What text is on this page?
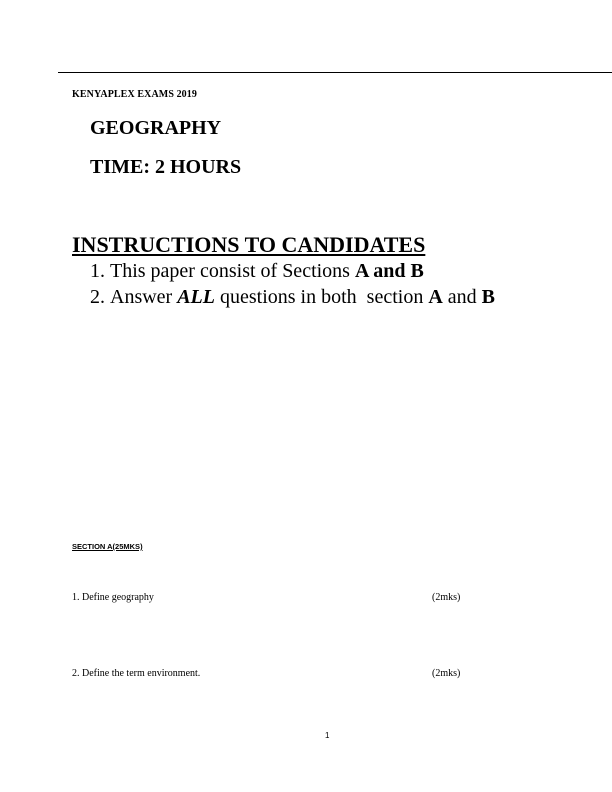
KENYAPLEX EXAMS 2019
GEOGRAPHY
TIME: 2 HOURS
INSTRUCTIONS TO CANDIDATES
1. This paper consist of Sections A and B
2. Answer ALL questions in both  section A and B
SECTION A(25MKS)
1. Define geography	(2mks)
2. Define the term environment.	(2mks)
1
